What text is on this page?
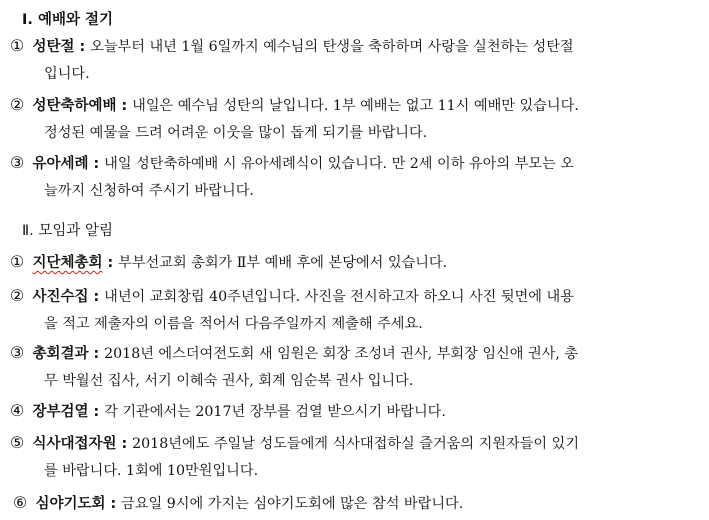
Ⅰ. 예배와 절기
① 성탄절 : 오늘부터 내년 1월 6일까지 예수님의 탄생을 축하하며 사랑을 실천하는 성탄절
입니다.
② 성탄축하예배 : 내일은 예수님 성탄의 날입니다. 1부 예배는 없고 11시 예배만 있습니다.
정성된 예물을 드려 어려운 이웃을 많이 돕게 되기를 바랍니다.
③ 유아세례 : 내일 성탄축하예배 시 유아세례식이 있습니다. 만 2세 이하 유아의 부모는 오
늘까지 신청하여 주시기 바랍니다.
Ⅱ. 모임과 알림
① 지단체총회 : 부부선교회 총회가 Ⅱ부 예배 후에 본당에서 있습니다.
② 사진수집 : 내년이 교회창립 40주년입니다. 사진을 전시하고자 하오니 사진 뒷면에 내용
을 적고 제출자의 이름을 적어서 다음주일까지 제출해 주세요.
③ 총회결과 : 2018년 에스더여전도회 새 임원은 회장 조성녀 권사, 부회장 임신애 권사, 총
무 박월선 집사, 서기 이혜숙 권사, 회계 임순복 권사 입니다.
④ 장부검열 : 각 기관에서는 2017년 장부를 검열 받으시기 바랍니다.
⑤ 식사대접자원 : 2018년에도 주일날 성도들에게 식사대접하실 즐거움의 지원자들이 있기
를 바랍니다. 1회에 10만원입니다.
⑥ 심야기도회 : 금요일 9시에 가지는 심야기도회에 많은 참석 바랍니다.
